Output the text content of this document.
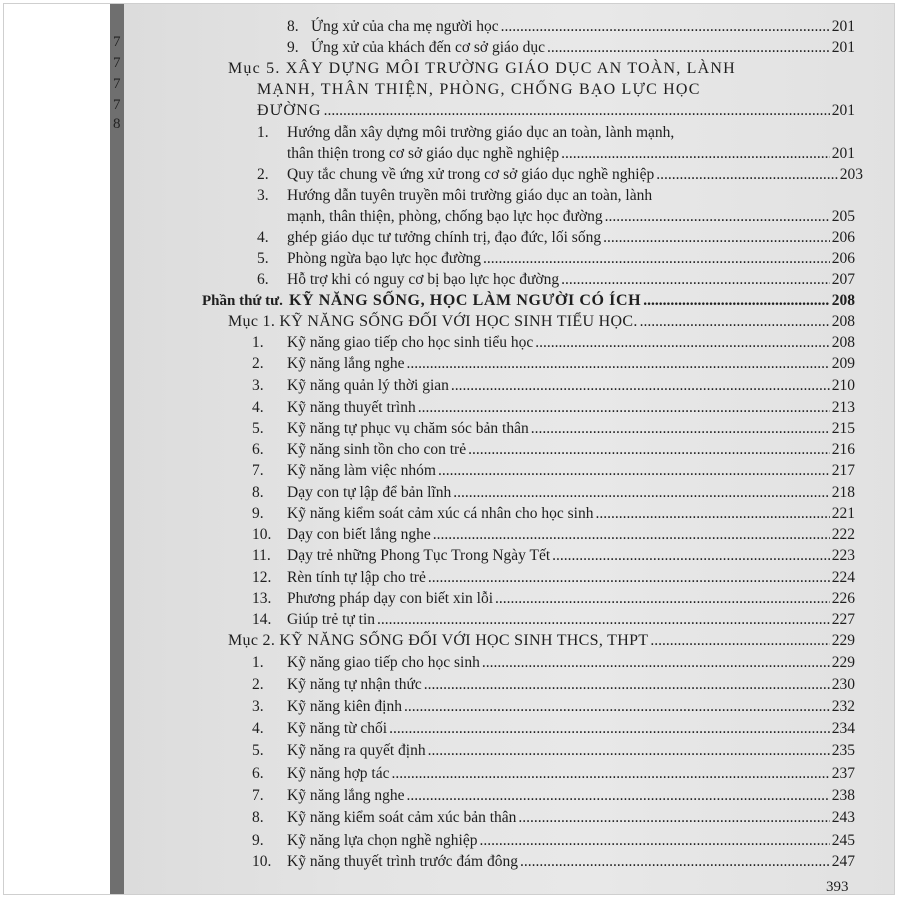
7
7
7
7
8
8. Ứng xử của cha mẹ người học .....	201
9. Ứng xử của khách đến cơ sở giáo dục .....	201
Mục 5. XÂY DỰNG MÔI TRƯỜNG GIÁO DỤC AN TOÀN, LÀNH
MẠNH, THÂN THIỆN, PHÒNG, CHỐNG BẠO LỰC HỌC
ĐƯỜNG .....	201
1. Hướng dẫn xây dựng môi trường giáo dục an toàn, lành mạnh,
thân thiện trong cơ sở giáo dục nghề nghiệp .....	201
2.	Quy tắc chung về ứng xử trong cơ sở giáo dục nghề nghiệp .....	203
3. Hướng dẫn tuyên truyền môi trường giáo dục an toàn, lành
mạnh, thân thiện, phòng, chống bạo lực học đường .....	205
4.	ghép giáo dục tư tưởng chính trị, đạo đức, lối sống .....	206
5.	Phòng ngừa bạo lực học đường .....	206
6.	Hỗ trợ khi có nguy cơ bị bạo lực học đường .....	207
Phần thứ tư. KỸ NĂNG SỐNG, HỌC LÀM NGƯỜI CÓ ÍCH .....	208
Mục 1. KỸ NĂNG SỐNG ĐỐI VỚI HỌC SINH TIỂU HỌC. .....	208
1.	Kỹ năng giao tiếp cho học sinh tiểu học .....	208
2.	Kỹ năng lắng nghe .....	209
3.	Kỹ năng quản lý thời gian .....	210
4.	Kỹ năng thuyết trình .....	213
5.	Kỹ năng tự phục vụ chăm sóc bản thân .....	215
6.	Kỹ năng sinh tồn cho con trẻ .....	216
7.	Kỹ năng làm việc nhóm .....	217
8.	Dạy con tự lập để bản lĩnh .....	218
9.	Kỹ năng kiểm soát cảm xúc cá nhân cho học sinh .....	221
10.	Dạy con biết lắng nghe .....	222
11.	Dạy trẻ những Phong Tục Trong Ngày Tết .....	223
12.	Rèn tính tự lập cho trẻ .....	224
13.	Phương pháp dạy con biết xin lỗi .....	226
14.	Giúp trẻ tự tin .....	227
Mục 2. KỸ NĂNG SỐNG ĐỐI VỚI HỌC SINH THCS, THPT .....	229
1.	Kỹ năng giao tiếp cho học sinh .....	229
2.	Kỹ năng tự nhận thức .....	230
3.	Kỹ năng kiên định .....	232
4.	Kỹ năng từ chối .....	234
5.	Kỹ năng ra quyết định .....	235
6.	Kỹ năng hợp tác .....	237
7.	Kỹ năng lắng nghe .....	238
8.	Kỹ năng kiểm soát cảm xúc bản thân .....	243
9.	Kỹ năng lựa chọn nghề nghiệp .....	245
10.	Kỹ năng thuyết trình trước đám đông .....	247
393
